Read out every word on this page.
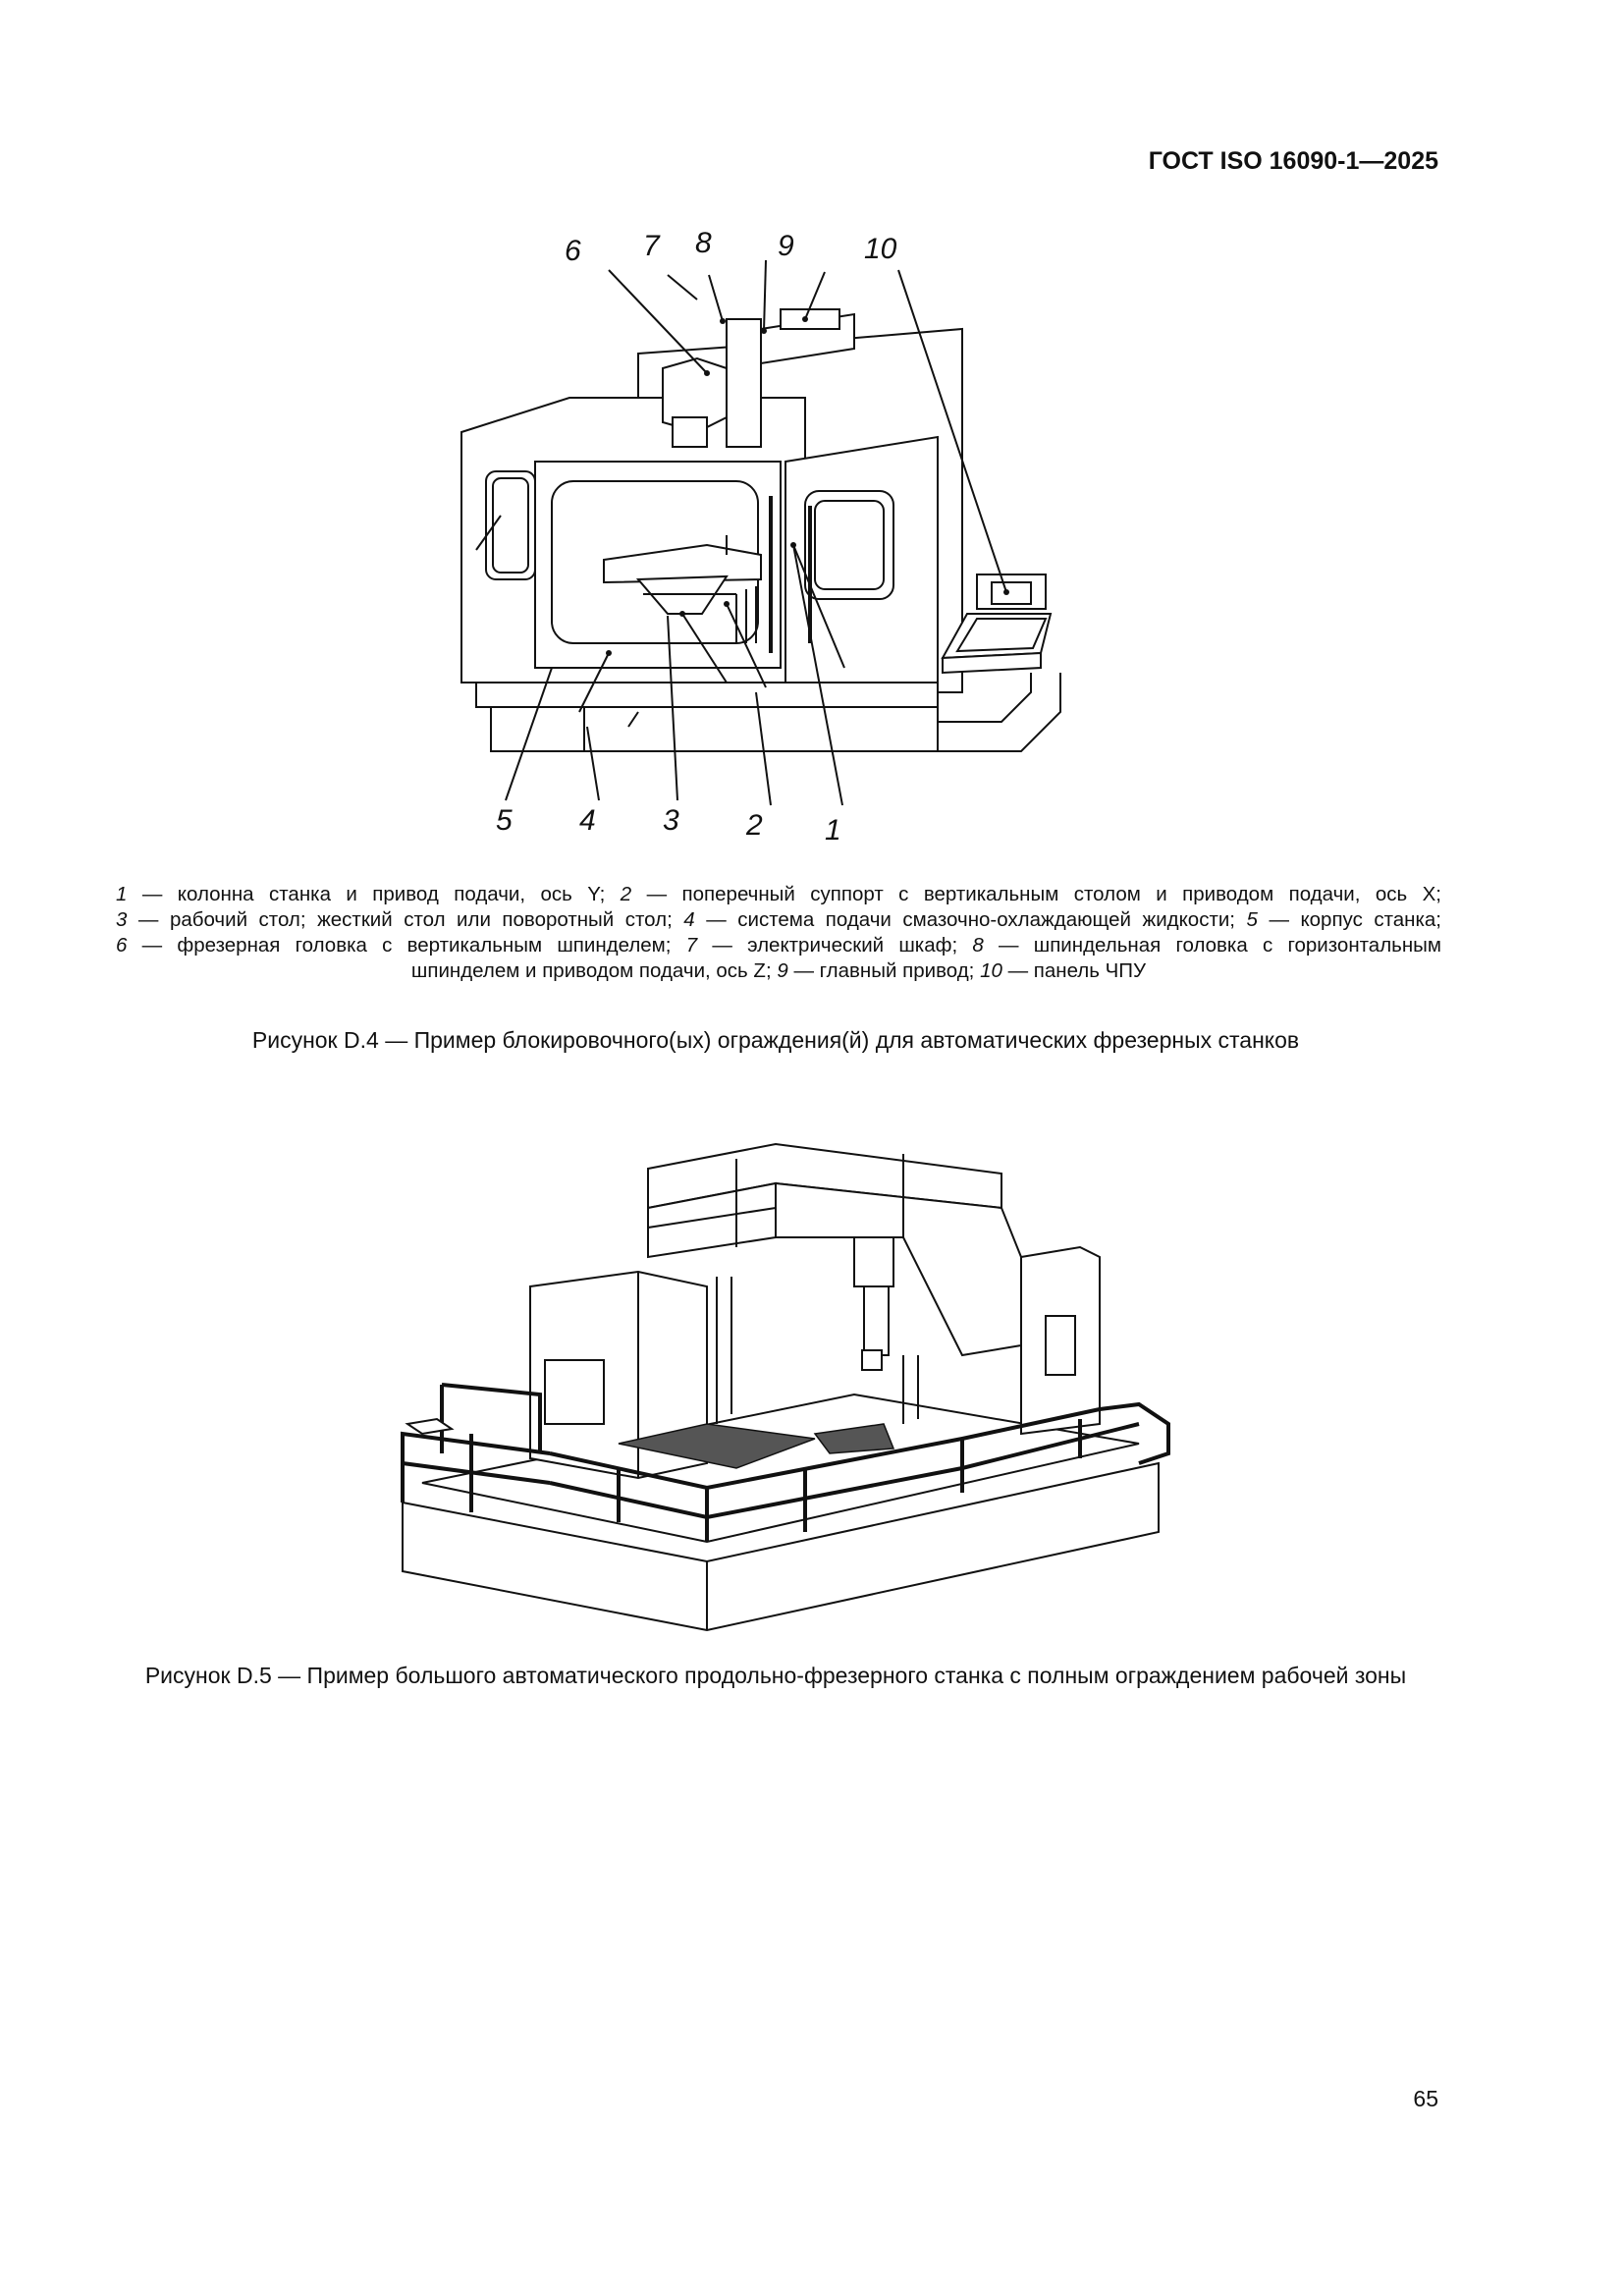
ГОСТ ISO 16090-1—2025
6 7 8 9 10
5 4 3 2 1
1 — колонна станка и привод подачи, ось Y; 2 — поперечный суппорт с вертикальным столом и приводом подачи, ось X;
3 — рабочий стол; жесткий стол или поворотный стол; 4 — система подачи смазочно-охлаждающей жидкости; 5 — корпус станка;
6 — фрезерная головка с вертикальным шпинделем; 7 — электрический шкаф; 8 — шпиндельная головка с горизонтальным
шпинделем и приводом подачи, ось Z; 9 — главный привод; 10 — панель ЧПУ
Рисунок D.4 — Пример блокировочного(ых) ограждения(й) для автоматических фрезерных станков
Рисунок D.5 — Пример большого автоматического продольно-фрезерного станка с полным ограждением рабочей зоны
65
